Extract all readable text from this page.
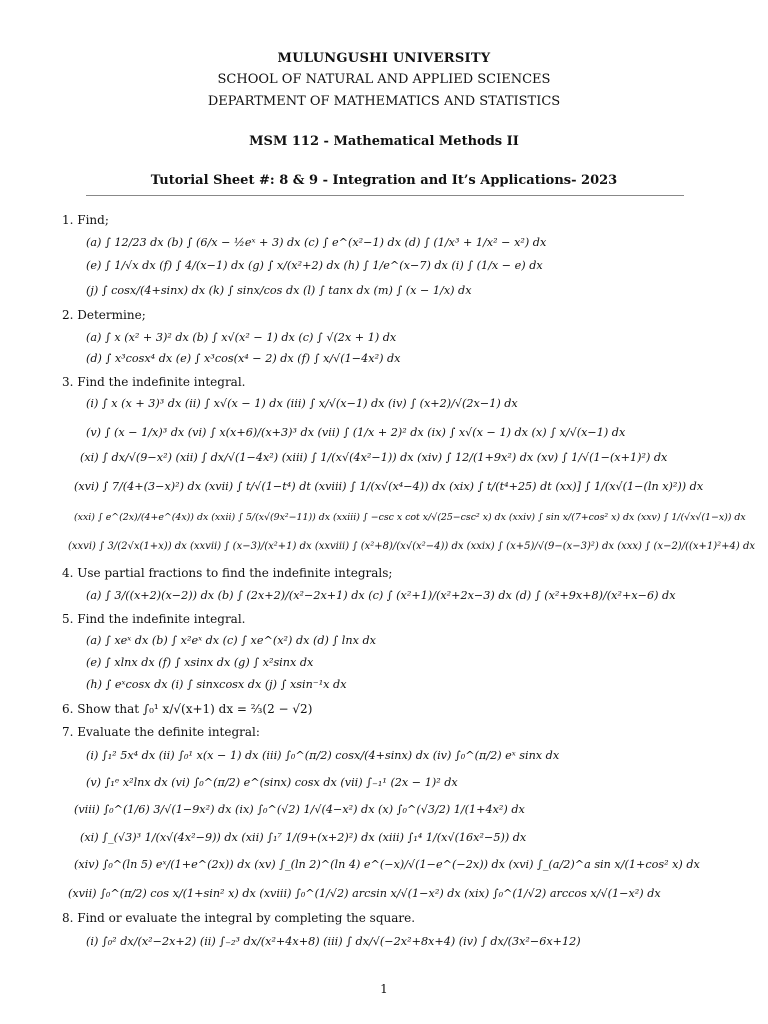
MULUNGUSHI UNIVERSITY
SCHOOL OF NATURAL AND APPLIED SCIENCES
DEPARTMENT OF MATHEMATICS AND STATISTICS
MSM 112 - Mathematical Methods II
Tutorial Sheet #: 8 & 9 - Integration and It’s Applications- 2023
1. Find;
2. Determine;
3. Find the indefinite integral.
4. Use partial fractions to find the indefinite integrals;
5. Find the indefinite integral.
6. Show that ∫₀¹ x/√(x+1) dx = ⅔(2 − √2)
7. Evaluate the definite integral:
8. Find or evaluate the integral by completing the square.
(a) ∫ 12/23 dx (b) ∫ (6/x − ½eˣ + 3) dx (c) ∫ e^(x²−1) dx (d) ∫ (1/x³ + 1/x² − x²) dx
(e) ∫ 1/√x dx (f) ∫ 4/(x−1) dx (g) ∫ x/(x²+2) dx (h) ∫ 1/e^(x−7) dx (i) ∫ (1/x − e) dx
(j) ∫ cosx/(4+sinx) dx (k) ∫ sinx/cos dx (l) ∫ tanx dx (m) ∫ (x − 1/x) dx
(a) ∫ x (x² + 3)² dx (b) ∫ x√(x² − 1) dx (c) ∫ √(2x + 1) dx
(d) ∫ x³cosx⁴ dx (e) ∫ x³cos(x⁴ − 2) dx (f) ∫ x/√(1−4x²) dx
(i) ∫ x (x + 3)³ dx (ii) ∫ x√(x − 1) dx (iii) ∫ x/√(x−1) dx (iv) ∫ (x+2)/√(2x−1) dx
(v) ∫ (x − 1/x)³ dx (vi) ∫ x(x+6)/(x+3)³ dx (vii) ∫ (1/x + 2)² dx (ix) ∫ x√(x − 1) dx (x) ∫ x/√(x−1) dx
(xi) ∫ dx/√(9−x²) (xii) ∫ dx/√(1−4x²) (xiii) ∫ 1/(x√(4x²−1)) dx (xiv) ∫ 12/(1+9x²) dx (xv) ∫ 1/√(1−(x+1)²) dx
(xvi) ∫ 7/(4+(3−x)²) dx (xvii) ∫ t/√(1−t⁴) dt (xviii) ∫ 1/(x√(x⁴−4)) dx (xix) ∫ t/(t⁴+25) dt (xx)] ∫ 1/(x√(1−(ln x)²)) dx
(xxi) ∫ e^(2x)/(4+e^(4x)) dx (xxii) ∫ 5/(x√(9x²−11)) dx (xxiii) ∫ −csc x cot x/√(25−csc² x) dx (xxiv) ∫ sin x/(7+cos² x) dx (xxv) ∫ 1/(√x√(1−x)) dx
(xxvi) ∫ 3/(2√x(1+x)) dx (xxvii) ∫ (x−3)/(x²+1) dx (xxviii) ∫ (x²+8)/(x√(x²−4)) dx (xxix) ∫ (x+5)/√(9−(x−3)²) dx (xxx) ∫ (x−2)/((x+1)²+4) dx
(a) ∫ 3/((x+2)(x−2)) dx (b) ∫ (2x+2)/(x²−2x+1) dx (c) ∫ (x²+1)/(x²+2x−3) dx (d) ∫ (x²+9x+8)/(x²+x−6) dx
(a) ∫ xeˣ dx (b) ∫ x²eˣ dx (c) ∫ xe^(x²) dx (d) ∫ lnx dx
(e) ∫ xlnx dx (f) ∫ xsinx dx (g) ∫ x²sinx dx
(h) ∫ eˣcosx dx (i) ∫ sinxcosx dx (j) ∫ xsin⁻¹x dx
(i) ∫₁² 5x⁴ dx (ii) ∫₀¹ x(x − 1) dx (iii) ∫₀^(π/2) cosx/(4+sinx) dx (iv) ∫₀^(π/2) eˣ sinx dx
(v) ∫₁ᵉ x²lnx dx (vi) ∫₀^(π/2) e^(sinx) cosx dx (vii) ∫₋₁¹ (2x − 1)² dx
(viii) ∫₀^(1/6) 3/√(1−9x²) dx (ix) ∫₀^(√2) 1/√(4−x²) dx (x) ∫₀^(√3/2) 1/(1+4x²) dx
(xi) ∫_(√3)³ 1/(x√(4x²−9)) dx (xii) ∫₁⁷ 1/(9+(x+2)²) dx (xiii) ∫₁⁴ 1/(x√(16x²−5)) dx
(xiv) ∫₀^(ln 5) eˣ/(1+e^(2x)) dx (xv) ∫_(ln 2)^(ln 4) e^(−x)/√(1−e^(−2x)) dx (xvi) ∫_(a/2)^a sin x/(1+cos² x) dx
(xvii) ∫₀^(π/2) cos x/(1+sin² x) dx (xviii) ∫₀^(1/√2) arcsin x/√(1−x²) dx (xix) ∫₀^(1/√2) arccos x/√(1−x²) dx
(i) ∫₀² dx/(x²−2x+2) (ii) ∫₋₂³ dx/(x²+4x+8) (iii) ∫ dx/√(−2x²+8x+4) (iv) ∫ dx/(3x²−6x+12)
1
